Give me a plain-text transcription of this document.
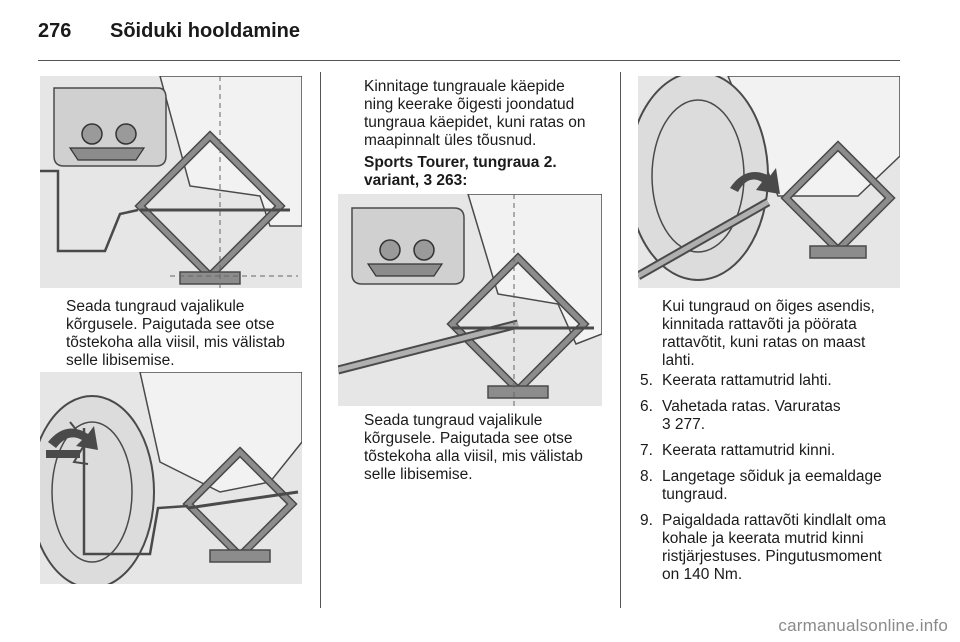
276 Sõiduki hooldamine

Seada tungraud vajalikule

kõrgusele. Paigutada see otse

tõstekoha alla viisil, mis välistab

selle libisemise.

Kinnitage tungrauale käepide

ning keerake õigesti joondatud

tungraua käepidet, kuni ratas on

maapinnalt üles tõusnud.

Sports Tourer, tungraua 2.

variant, 3 263:

Seada tungraud vajalikule

kõrgusele. Paigutada see otse

tõstekoha alla viisil, mis välistab

selle libisemise.

Kui tungraud on õiges asendis,

kinnitada rattavõti ja pöörata

rattavõtit, kuni ratas on maast

lahti.

5. Keerata rattamutrid lahti.

6. Vahetada ratas. Varuratas

3 277.

7. Keerata rattamutrid kinni.

8. Langetage sõiduk ja eemaldage

tungraud.

9. Paigaldada rattavõti kindlalt oma

kohale ja keerata mutrid kinni

ristjärjestuses. Pingutusmoment

on 140 Nm.

carmanualsonline.info
